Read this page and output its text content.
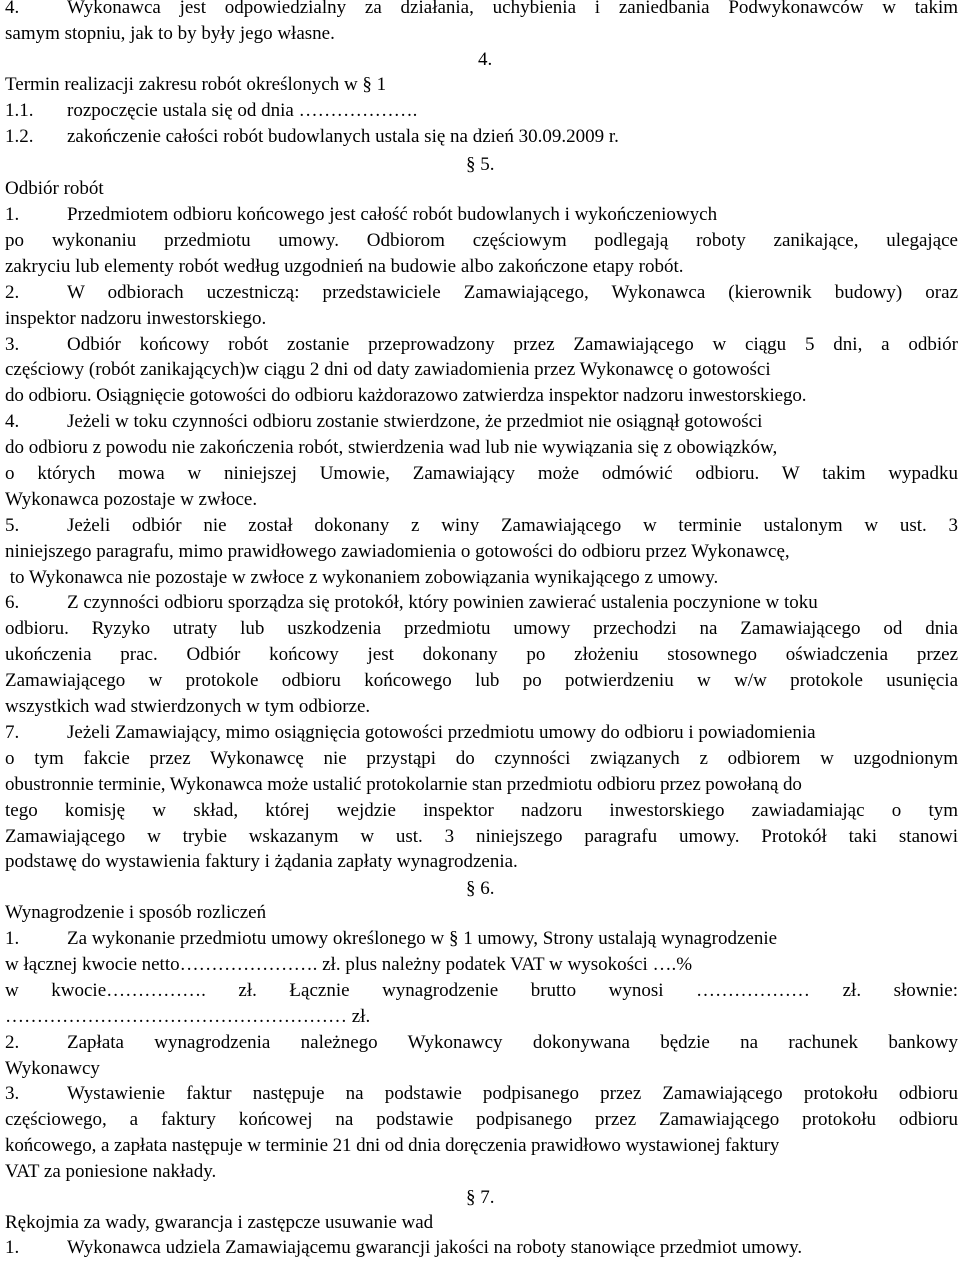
4.	Wykonawca jest odpowiedzialny za działania, uchybienia i zaniedbania Podwykonawców w takim
samym stopniu, jak to by były jego własne.
4.
Termin realizacji zakresu robót określonych w § 1
1.1. rozpoczęcie ustala się od dnia ……………….
1.2. zakończenie całości robót budowlanych ustala się na dzień 30.09.2009 r.
§ 5.
Odbiór robót
1.	Przedmiotem odbioru końcowego jest całość robót budowlanych i wykończeniowych
po wykonaniu przedmiotu umowy. Odbiorom częściowym podlegają roboty zanikające, ulegające
zakryciu lub elementy robót według uzgodnień na budowie albo zakończone etapy robót.
2.	W odbiorach uczestniczą: przedstawiciele Zamawiającego, Wykonawca (kierownik budowy) oraz
inspektor nadzoru inwestorskiego.
3.	Odbiór końcowy robót zostanie przeprowadzony przez Zamawiającego w ciągu 5 dni, a odbiór
częściowy (robót zanikających)w ciągu 2 dni od daty zawiadomienia przez Wykonawcę o gotowości
do odbioru. Osiągnięcie gotowości do odbioru każdorazowo zatwierdza inspektor nadzoru inwestorskiego.
4.	Jeżeli w toku czynności odbioru zostanie stwierdzone, że przedmiot nie osiągnął gotowości
do odbioru z powodu nie zakończenia robót, stwierdzenia wad lub nie wywiązania się z obowiązków,
o których mowa w niniejszej Umowie, Zamawiający może odmówić odbioru. W takim wypadku
Wykonawca pozostaje w zwłoce.
5.	Jeżeli odbiór nie został dokonany z winy Zamawiającego w terminie ustalonym w ust. 3
niniejszego paragrafu, mimo prawidłowego zawiadomienia o gotowości do odbioru przez Wykonawcę,
to Wykonawca nie pozostaje w zwłoce z wykonaniem zobowiązania wynikającego z umowy.
6.	Z czynności odbioru sporządza się protokół, który powinien zawierać ustalenia poczynione w toku
odbioru. Ryzyko utraty lub uszkodzenia przedmiotu umowy przechodzi na Zamawiającego od dnia
ukończenia prac. Odbiór końcowy jest dokonany po złożeniu stosownego oświadczenia przez
Zamawiającego w protokole odbioru końcowego lub po potwierdzeniu w w/w protokole usunięcia
wszystkich wad stwierdzonych w tym odbiorze.
7.	Jeżeli Zamawiający, mimo osiągnięcia gotowości przedmiotu umowy do odbioru i powiadomienia
o tym fakcie przez Wykonawcę nie przystąpi do czynności związanych z odbiorem w uzgodnionym
obustronnie terminie, Wykonawca może ustalić protokolarnie stan przedmiotu odbioru przez powołaną do
tego komisję w skład, której wejdzie inspektor nadzoru inwestorskiego zawiadamiając o tym
Zamawiającego w trybie wskazanym w ust. 3 niniejszego paragrafu umowy. Protokół taki stanowi
podstawę do wystawienia faktury i żądania zapłaty wynagrodzenia.
§ 6.
Wynagrodzenie i sposób rozliczeń
1.	Za wykonanie przedmiotu umowy określonego w § 1 umowy, Strony ustalają wynagrodzenie
w łącznej kwocie netto…………………. zł. plus należny podatek VAT w wysokości ….%
w kwocie……………. zł. Łącznie wynagrodzenie brutto wynosi ……………… zł. słownie:
……………………………………………… zł.
2.	Zapłata wynagrodzenia należnego Wykonawcy dokonywana będzie na rachunek bankowy
Wykonawcy
3.	Wystawienie faktur następuje na podstawie podpisanego przez Zamawiającego protokołu odbioru
częściowego, a faktury końcowej na podstawie podpisanego przez Zamawiającego protokołu odbioru
końcowego, a zapłata następuje w terminie 21 dni od dnia doręczenia prawidłowo wystawionej faktury
VAT za poniesione nakłady.
§ 7.
Rękojmia za wady, gwarancja i zastępcze usuwanie wad
1.	Wykonawca udziela Zamawiającemu gwarancji jakości na roboty stanowiące przedmiot umowy.
